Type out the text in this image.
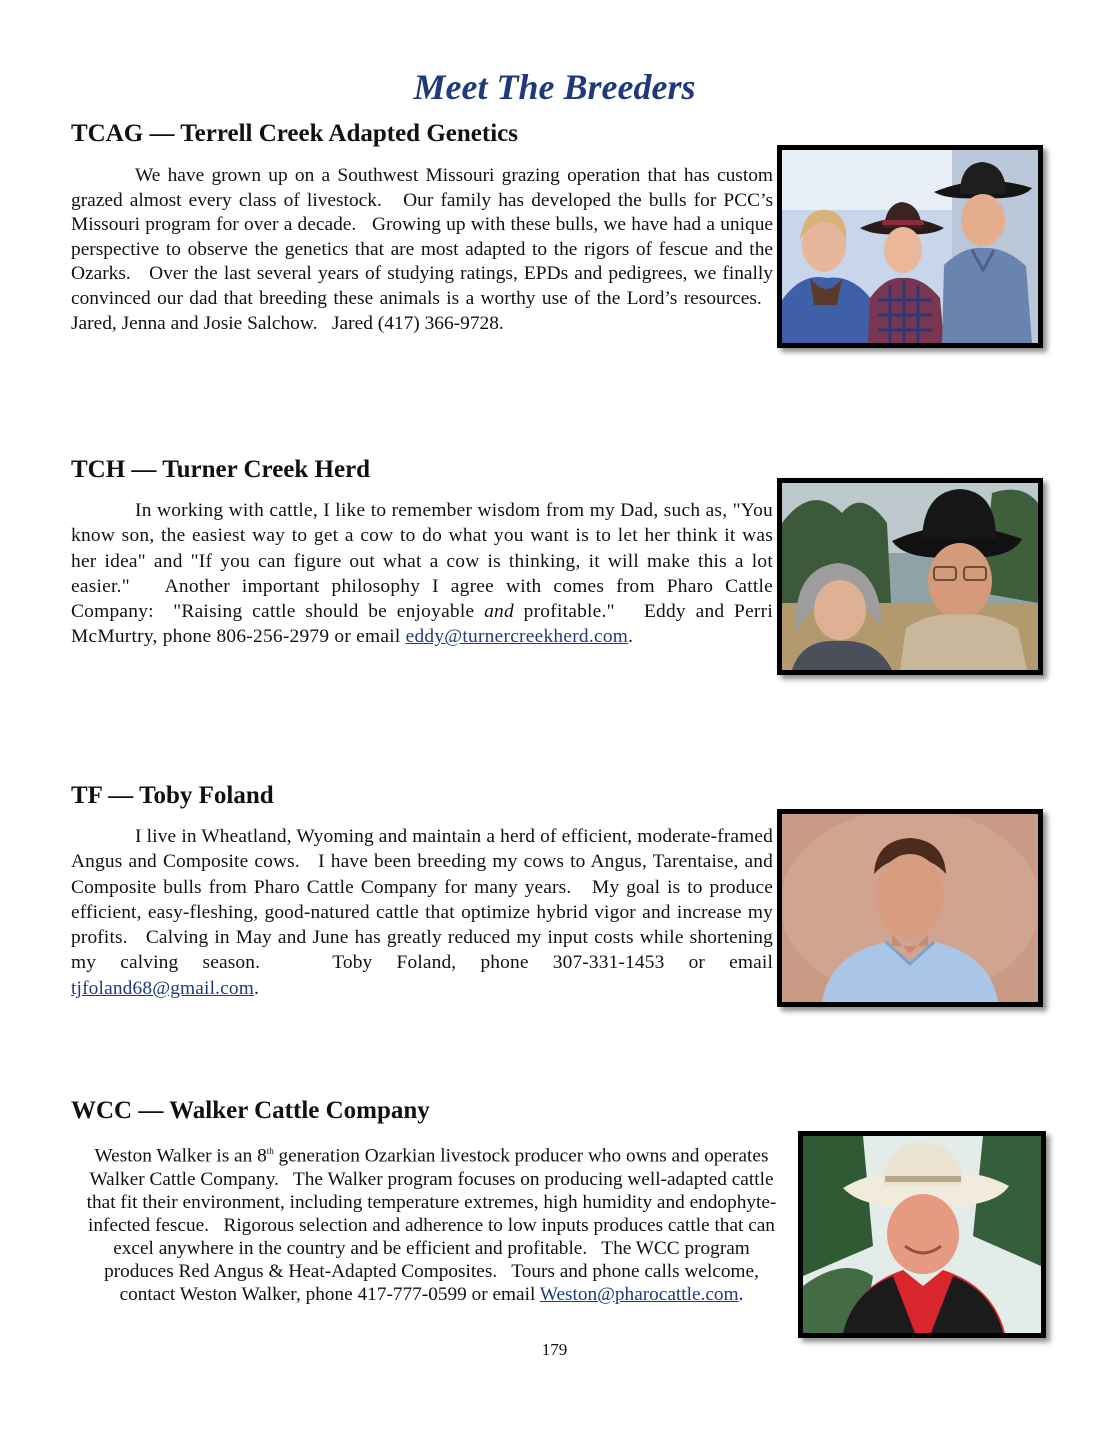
Meet The Breeders
TCAG — Terrell Creek Adapted Genetics

We have grown up on a Southwest Missouri grazing operation that has custom grazed almost every class of livestock.   Our family has developed the bulls for PCC’s Missouri program for over a decade.   Growing up with these bulls, we have had a unique perspective to observe the genetics that are most adapted to the rigors of fescue and the Ozarks.   Over the last several years of studying ratings, EPDs and pedigrees, we finally convinced our dad that breeding these animals is a worthy use of the Lord’s resources.   Jared, Jenna and Josie Salchow.   Jared (417) 366-9728.

TCH — Turner Creek Herd

In working with cattle, I like to remember wisdom from my Dad, such as, "You know son, the easiest way to get a cow to do what you want is to let her think it was her idea" and "If you can figure out what a cow is thinking, it will make this a lot easier."   Another important philosophy I agree with comes from Pharo Cattle Company:  "Raising cattle should be enjoyable and profitable."   Eddy and Perri McMurtry, phone 806-256-2979 or email eddy@turnercreekherd.com.

TF — Toby Foland

I live in Wheatland, Wyoming and maintain a herd of efficient, moderate-framed Angus and Composite cows.   I have been breeding my cows to Angus, Tarentaise, and Composite bulls from Pharo Cattle Company for many years.   My goal is to produce efficient, easy-fleshing, good-natured cattle that optimize hybrid vigor and increase my profits.   Calving in May and June has greatly reduced my input costs while shortening my calving season.   Toby Foland, phone 307-331-1453 or email tjfoland68@gmail.com.

WCC — Walker Cattle Company

Weston Walker is an 8th generation Ozarkian livestock producer who owns and operates Walker Cattle Company.   The Walker program focuses on producing well-adapted cattle that fit their environment, including temperature extremes, high humidity and endophyte-infected fescue.   Rigorous selection and adherence to low inputs produces cattle that can excel anywhere in the country and be efficient and profitable.   The WCC program produces Red Angus & Heat-Adapted Composites.   Tours and phone calls welcome, contact Weston Walker, phone 417-777-0599 or email Weston@pharocattle.com.

179
